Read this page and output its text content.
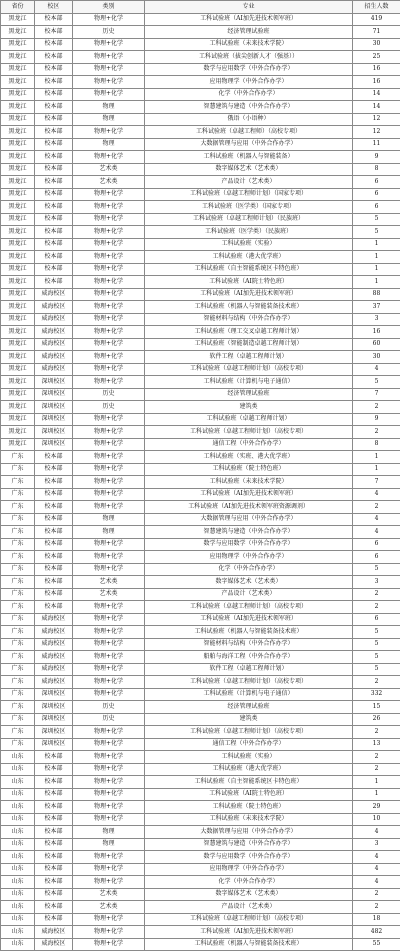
省份	校区	类别	专业	招生人数
黑龙江	校本部	物理+化学	工科试验班（AI加先进技术领军班）	419
黑龙江	校本部	历史	经济管理试验班	71
黑龙江	校本部	物理+化学	工科试验班（未来技术学院）	30
黑龙江	校本部	物理+化学	工科试验班（拔尖创新人才（强基））	25
黑龙江	校本部	物理+化学	数学与应用数学（中外合作办学）	16
黑龙江	校本部	物理+化学	应用物理学（中外合作办学）	16
黑龙江	校本部	物理+化学	化学（中外合作办学）	14
黑龙江	校本部	物理	智慧建筑与建造（中外合作办学）	14
黑龙江	校本部	物理	俄语（小语种）	12
黑龙江	校本部	物理+化学	工科试验班（卓越工程师）（高校专项）	12
黑龙江	校本部	物理	大数据管理与应用（中外合作办学）	11
黑龙江	校本部	物理+化学	工科试验班（机器人与智能装备）	9
黑龙江	校本部	艺术类	数字媒体艺术（艺术类）	8
黑龙江	校本部	艺术类	产品设计（艺术类）	6
黑龙江	校本部	物理+化学	工科试验班（卓越工程师计划）（国家专项）	6
黑龙江	校本部	物理+化学	工科试验班（医学类）（国家专项）	6
黑龙江	校本部	物理+化学	工科试验班（卓越工程师计划）（民族班）	5
黑龙江	校本部	物理+化学	工科试验班（医学类）（民族班）	5
黑龙江	校本部	物理+化学	工科试验班（实验）	1
黑龙江	校本部	物理+化学	工科试验班（港大优学班）	1
黑龙江	校本部	物理+化学	工科试验班（自主智能系统区卡特色班）	1
黑龙江	校本部	物理+化学	工科试验班（AI院士特色班）	1
黑龙江	威海校区	物理+化学	工科试验班（AI加先进技术领军班）	88
黑龙江	威海校区	物理+化学	工科试验班（机器人与智能装备技术班）	37
黑龙江	威海校区	物理+化学	智能材料与结构（中外合作办学）	3
黑龙江	威海校区	物理+化学	工科试验班（理工交叉卓越工程师计划）	16
黑龙江	威海校区	物理+化学	工科试验班（智能制造卓越工程师计划）	60
黑龙江	威海校区	物理+化学	软件工程（卓越工程师计划）	30
黑龙江	威海校区	物理+化学	工科试验班（卓越工程师计划）（高校专项）	4
黑龙江	深圳校区	物理+化学	工科试验班（计算机与电子通信）	5
黑龙江	深圳校区	历史	经济管理试验班	7
黑龙江	深圳校区	历史	建筑类	2
黑龙江	深圳校区	物理+化学	工科试验班（卓越工程师计划）	9
黑龙江	深圳校区	物理+化学	工科试验班（卓越工程师计划）（高校专项）	2
黑龙江	深圳校区	物理+化学	通信工程（中外合作办学）	8
广东	校本部	物理+化学	工科试验班（实班、港大优学班）	1
广东	校本部	物理+化学	工科试验班（院士特色班）	1
广东	校本部	物理+化学	工科试验班（未来技术学院）	7
广东	校本部	物理+化学	工科试验班（AI加先进技术领军班）	4
广东	校本部	物理+化学	工科试验班（AI加先进技术领军班资源调剂）	2
广东	校本部	物理	大数据管理与应用（中外合作办学）	4
广东	校本部	物理	智慧建筑与建造（中外合作办学）	4
广东	校本部	物理+化学	数学与应用数学（中外合作办学）	6
广东	校本部	物理+化学	应用物理学（中外合作办学）	6
广东	校本部	物理+化学	化学（中外合作办学）	5
广东	校本部	艺术类	数字媒体艺术（艺术类）	3
广东	校本部	艺术类	产品设计（艺术类）	2
广东	校本部	物理+化学	工科试验班（卓越工程师计划）（高校专项）	2
广东	威海校区	物理+化学	工科试验班（AI加先进技术领军班）	6
广东	威海校区	物理+化学	工科试验班（机器人与智能装备技术班）	5
广东	威海校区	物理+化学	智能材料与结构（中外合作办学）	5
广东	威海校区	物理+化学	船舶与海洋工程（中外合作办学）	5
广东	威海校区	物理+化学	软件工程（卓越工程师计划）	5
广东	威海校区	物理+化学	工科试验班（卓越工程师计划）（高校专项）	2
广东	深圳校区	物理+化学	工科试验班（计算机与电子通信）	332
广东	深圳校区	历史	经济管理试验班	15
广东	深圳校区	历史	建筑类	26
广东	深圳校区	物理+化学	工科试验班（卓越工程师计划）（高校专项）	2
广东	深圳校区	物理+化学	通信工程（中外合作办学）	13
山东	校本部	物理+化学	工科试验班（实验）	2
山东	校本部	物理+化学	工科试验班（港大优学班）	2
山东	校本部	物理+化学	工科试验班（自主智能系统区卡特色班）	1
山东	校本部	物理+化学	工科试验班（AI院士特色班）	1
山东	校本部	物理+化学	工科试验班（院士特色班）	29
山东	校本部	物理+化学	工科试验班（未来技术学院）	10
山东	校本部	物理	大数据管理与应用（中外合作办学）	4
山东	校本部	物理	智慧建筑与建造（中外合作办学）	3
山东	校本部	物理+化学	数学与应用数学（中外合作办学）	4
山东	校本部	物理+化学	应用物理学（中外合作办学）	4
山东	校本部	物理+化学	化学（中外合作办学）	4
山东	校本部	艺术类	数字媒体艺术（艺术类）	2
山东	校本部	艺术类	产品设计（艺术类）	2
山东	校本部	物理+化学	工科试验班（卓越工程师计划）（高校专项）	18
山东	威海校区	物理+化学	工科试验班（AI加先进技术领军班）	482
山东	威海校区	物理+化学	工科试验班（机器人与智能装备技术班）	55
